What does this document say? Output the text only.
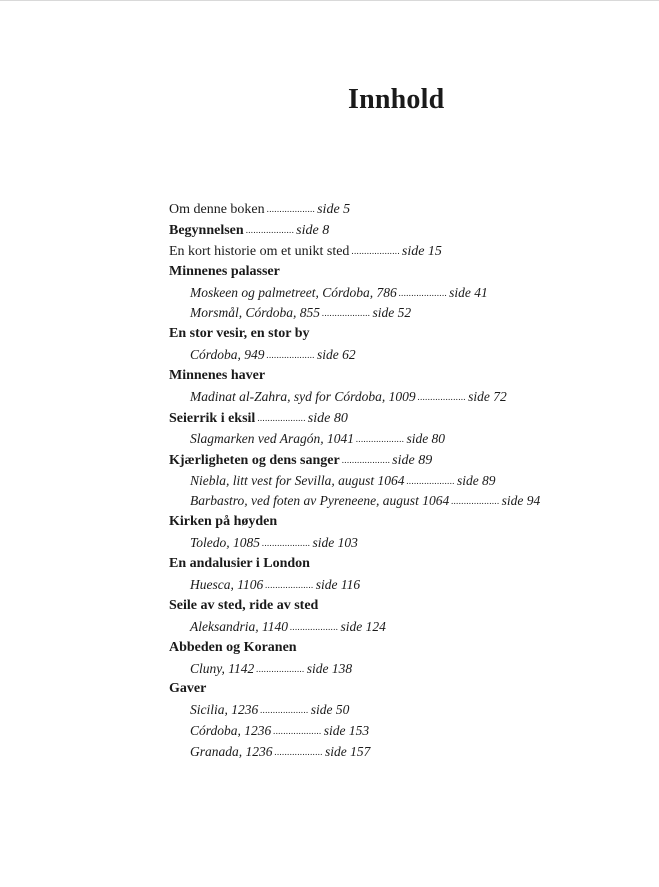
Innhold
Om denne boken ................... side 5
Begynnelsen ................... side 8
En kort historie om et unikt sted ................... side 15
Minnenes palasser
Moskeen og palmetreet, Córdoba, 786 ................... side 41
Morsmål, Córdoba, 855 ................... side 52
En stor vesir, en stor by
Córdoba, 949 ................... side 62
Minnenes haver
Madinat al-Zahra, syd for Córdoba, 1009 ................... side 72
Seierrik i eksil ................... side 80
Slagmarken ved Aragón, 1041 ................... side 80
Kjærligheten og dens sanger ................... side 89
Niebla, litt vest for Sevilla, august 1064 ................... side 89
Barbastro, ved foten av Pyreneene, august 1064 ................... side 94
Kirken på høyden
Toledo, 1085 ................... side 103
En andalusier i London
Huesca, 1106 ................... side 116
Seile av sted, ride av sted
Aleksandria, 1140 ................... side 124
Abbeden og Koranen
Cluny, 1142 ................... side 138
Gaver
Sicilia, 1236 ................... side 50
Córdoba, 1236 ................... side 153
Granada, 1236 ................... side 157
